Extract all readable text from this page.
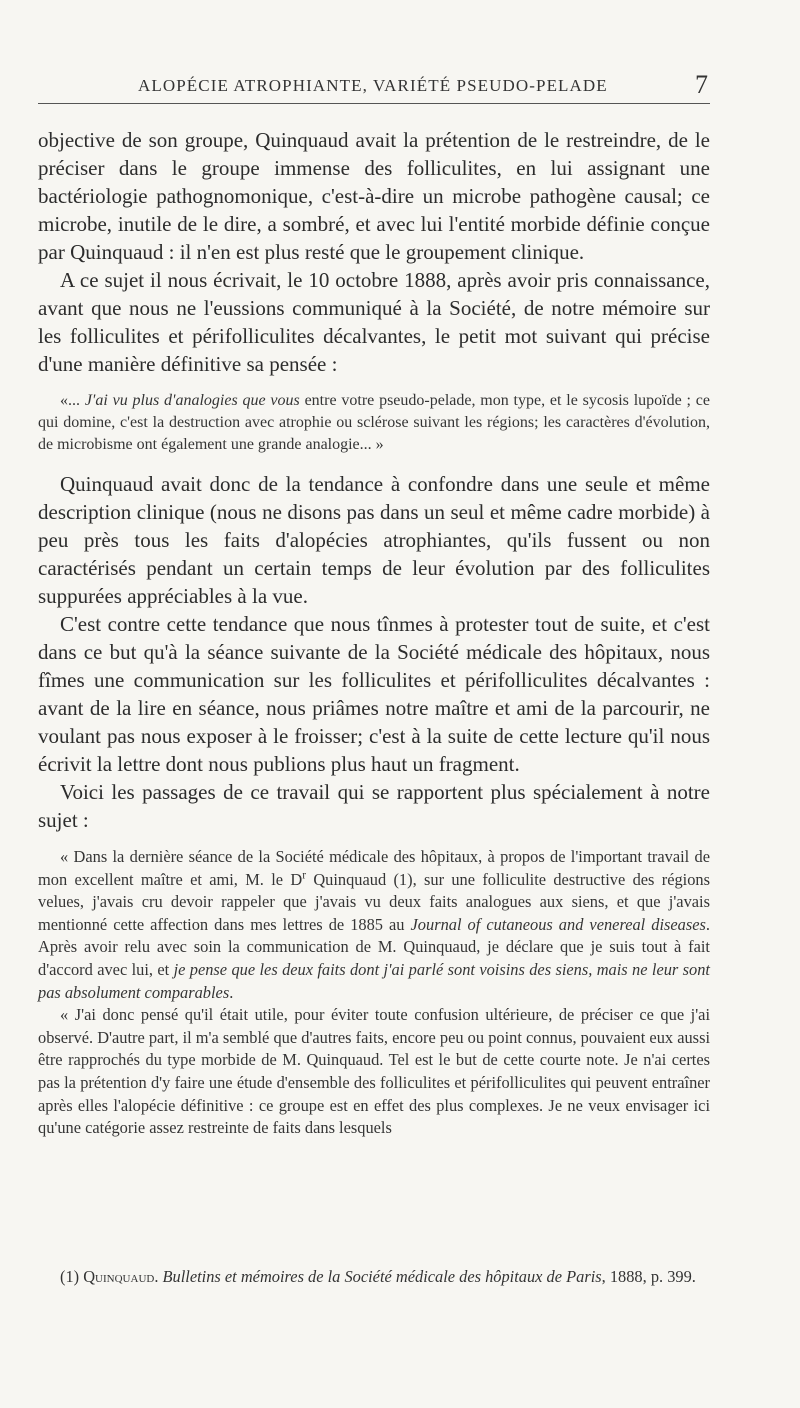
ALOPÉCIE ATROPHIANTE, VARIÉTÉ PSEUDO-PELADE	7

objective de son groupe, Quinquaud avait la prétention de le restreindre, de le préciser dans le groupe immense des folliculites, en lui assignant une bactériologie pathognomonique, c'est-à-dire un microbe pathogène causal; ce microbe, inutile de le dire, a sombré, et avec lui l'entité morbide définie conçue par Quinquaud : il n'en est plus resté que le groupement clinique.

A ce sujet il nous écrivait, le 10 octobre 1888, après avoir pris connaissance, avant que nous ne l'eussions communiqué à la Société, de notre mémoire sur les folliculites et périfolliculites décalvantes, le petit mot suivant qui précise d'une manière définitive sa pensée :

«... J'ai vu plus d'analogies que vous entre votre pseudo-pelade, mon type, et le sycosis lupoïde ; ce qui domine, c'est la destruction avec atrophie ou sclérose suivant les régions; les caractères d'évolution, de microbisme ont également une grande analogie... »

Quinquaud avait donc de la tendance à confondre dans une seule et même description clinique (nous ne disons pas dans un seul et même cadre morbide) à peu près tous les faits d'alopécies atrophiantes, qu'ils fussent ou non caractérisés pendant un certain temps de leur évolution par des folliculites suppurées appréciables à la vue.

C'est contre cette tendance que nous tînmes à protester tout de suite, et c'est dans ce but qu'à la séance suivante de la Société médicale des hôpitaux, nous fîmes une communication sur les folliculites et périfolliculites décalvantes : avant de la lire en séance, nous priâmes notre maître et ami de la parcourir, ne voulant pas nous exposer à le froisser; c'est à la suite de cette lecture qu'il nous écrivit la lettre dont nous publions plus haut un fragment.

Voici les passages de ce travail qui se rapportent plus spécialement à notre sujet :

« Dans la dernière séance de la Société médicale des hôpitaux, à propos de l'important travail de mon excellent maître et ami, M. le $D^r$ Quinquaud (1), sur une folliculite destructive des régions velues, j'avais cru devoir rappeler que j'avais vu deux faits analogues aux siens, et que j'avais mentionné cette affection dans mes lettres de 1885 au Journal of cutaneous and venereal diseases. Après avoir relu avec soin la communication de M. Quinquaud, je déclare que je suis tout à fait d'accord avec lui, et je pense que les deux faits dont j'ai parlé sont voisins des siens, mais ne leur sont pas absolument comparables.

« J'ai donc pensé qu'il était utile, pour éviter toute confusion ultérieure, de préciser ce que j'ai observé. D'autre part, il m'a semblé que d'autres faits, encore peu ou point connus, pouvaient eux aussi être rapprochés du type morbide de M. Quinquaud. Tel est le but de cette courte note. Je n'ai certes pas la prétention d'y faire une étude d'ensemble des folliculites et périfolliculites qui peuvent entraîner après elles l'alopécie définitive : ce groupe est en effet des plus complexes. Je ne veux envisager ici qu'une catégorie assez restreinte de faits dans lesquels

(1) Quinquaud. Bulletins et mémoires de la Société médicale des hôpitaux de Paris, 1888, p. 399.
